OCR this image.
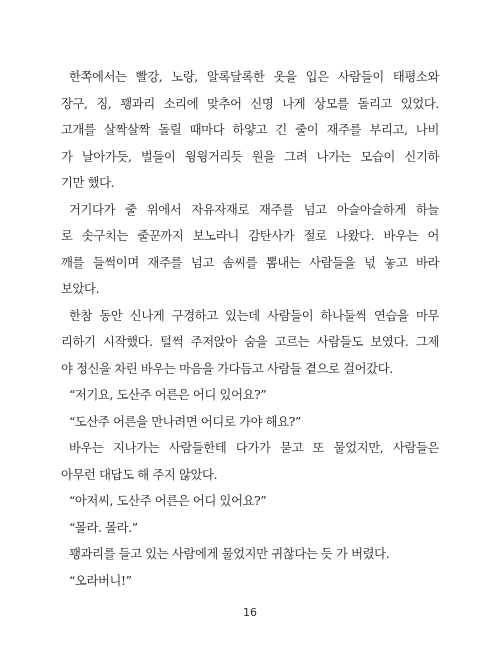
한쪽에서는 빨강, 노랑, 알록달록한 옷을 입은 사람들이 태평소와
장구, 징, 꽹과리 소리에 맞추어 신명 나게 상모를 돌리고 있었다.
고개를 살짝살짝 돌릴 때마다 하얗고 긴 줄이 재주를 부리고, 나비
가 날아가듯, 벌들이 윙윙거리듯 원을 그려 나가는 모습이 신기하
기만 했다.
거기다가 줄 위에서 자유자재로 재주를 넘고 아슬아슬하게 하늘
로 솟구치는 줄꾼까지 보노라니 감탄사가 절로 나왔다. 바우는 어
깨를 들썩이며 재주를 넘고 솜씨를 뽐내는 사람들을 넋 놓고 바라
보았다.
한참 동안 신나게 구경하고 있는데 사람들이 하나둘씩 연습을 마무
리하기 시작했다. 털썩 주저앉아 숨을 고르는 사람들도 보였다. 그제
야 정신을 차린 바우는 마음을 가다듬고 사람들 곁으로 걸어갔다.
“저기요, 도산주 어른은 어디 있어요?”
“도산주 어른을 만나려면 어디로 가야 해요?”
바우는 지나가는 사람들한테 다가가 묻고 또 물었지만, 사람들은
아무런 대답도 해 주지 않았다.
“아저씨, 도산주 어른은 어디 있어요?”
“몰라. 몰라.”
꽹과리를 들고 있는 사람에게 물었지만 귀찮다는 듯 가 버렸다.
“오라버니!”
16
